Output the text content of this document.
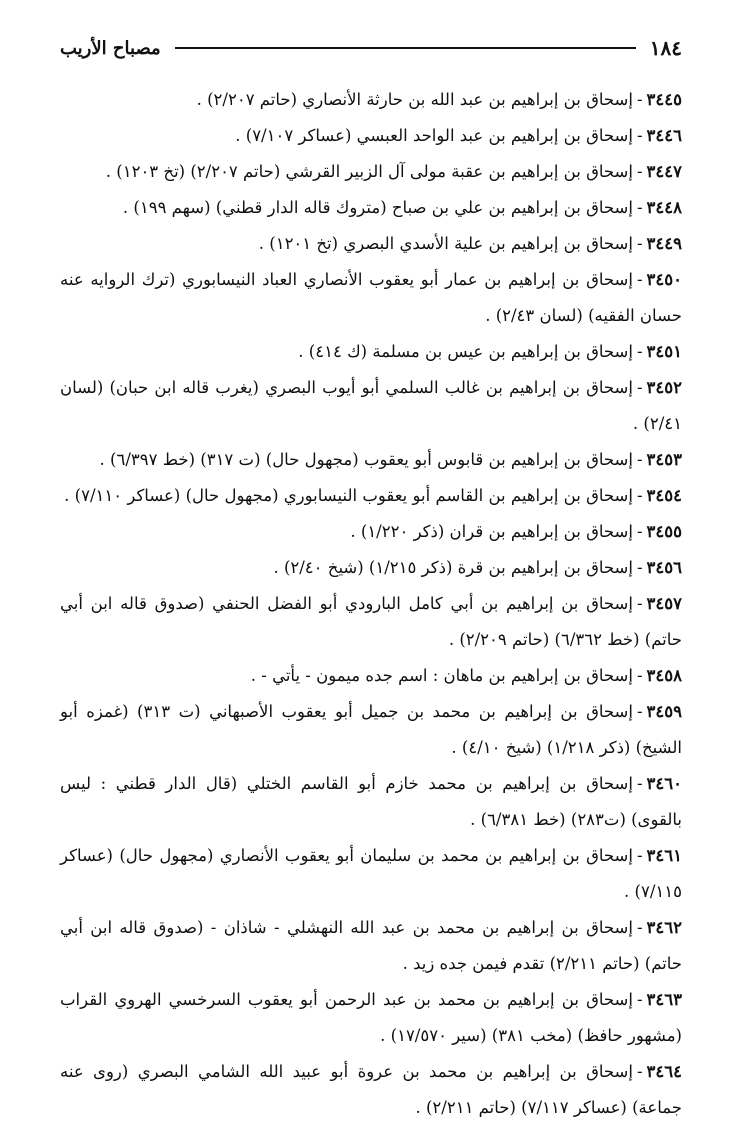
١٨٤
مصباح الأريب

٣٤٤٥-إسحاق بن إبراهيم بن عبد الله بن حارثة الأنصاري (حاتم ٢/٢٠٧) .

٣٤٤٦-إسحاق بن إبراهيم بن عبد الواحد العبسي (عساكر ٧/١٠٧) .

٣٤٤٧-إسحاق بن إبراهيم بن عقبة مولى آل الزبير القرشي (حاتم ٢/٢٠٧) (تخ ١٢٠٣) .

٣٤٤٨-إسحاق بن إبراهيم بن علي بن صباح (متروك قاله الدار قطني) (سهم ١٩٩) .

٣٤٤٩-إسحاق بن إبراهيم بن علية الأسدي البصري (تخ ١٢٠١) .

٣٤٥٠-إسحاق بن إبراهيم بن عمار أبو يعقوب الأنصاري العباد النيسابوري (ترك الروايه عنه حسان الفقيه) (لسان ٢/٤٣) .

٣٤٥١-إسحاق بن إبراهيم بن عيس بن مسلمة (ك ٤١٤) .

٣٤٥٢-إسحاق بن إبراهيم بن غالب السلمي أبو أيوب البصري (يغرب قاله ابن حبان) (لسان ٢/٤١) .

٣٤٥٣-إسحاق بن إبراهيم بن قابوس أبو يعقوب (مجهول حال) (ت ٣١٧) (خط ٦/٣٩٧) .

٣٤٥٤-إسحاق بن إبراهيم بن القاسم أبو يعقوب النيسابوري (مجهول حال) (عساكر ٧/١١٠) .

٣٤٥٥-إسحاق بن إبراهيم بن قران (ذكر ١/٢٢٠) .

٣٤٥٦-إسحاق بن إبراهيم بن قرة (ذكر ١/٢١٥) (شيخ ٢/٤٠) .

٣٤٥٧-إسحاق بن إبراهيم بن أبي كامل البارودي أبو الفضل الحنفي (صدوق قاله ابن أبي حاتم) (خط ٦/٣٦٢) (حاتم ٢/٢٠٩) .

٣٤٥٨-إسحاق بن إبراهيم بن ماهان : اسم جده ميمون - يأتي - .

٣٤٥٩-إسحاق بن إبراهيم بن محمد بن جميل أبو يعقوب الأصبهاني (ت ٣١٣) (غمزه أبو الشيخ) (ذكر ١/٢١٨) (شيخ ٤/١٠) .

٣٤٦٠-إسحاق بن إبراهيم بن محمد خازم أبو القاسم الختلي (قال الدار قطني : ليس بالقوى) (ت٢٨٣) (خط ٦/٣٨١) .

٣٤٦١-إسحاق بن إبراهيم بن محمد بن سليمان أبو يعقوب الأنصاري (مجهول حال) (عساكر ٧/١١٥) .

٣٤٦٢-إسحاق بن إبراهيم بن محمد بن عبد الله النهشلي - شاذان - (صدوق قاله ابن أبي حاتم) (حاتم ٢/٢١١) تقدم فيمن جده زيد .

٣٤٦٣-إسحاق بن إبراهيم بن محمد بن عبد الرحمن أبو يعقوب السرخسي الهروي القراب (مشهور حافظ) (مخب ٣٨١) (سير ١٧/٥٧٠) .

٣٤٦٤-إسحاق بن إبراهيم بن محمد بن عروة أبو عبيد الله الشامي البصري (روى عنه جماعة) (عساكر ٧/١١٧) (حاتم ٢/٢١١) .
